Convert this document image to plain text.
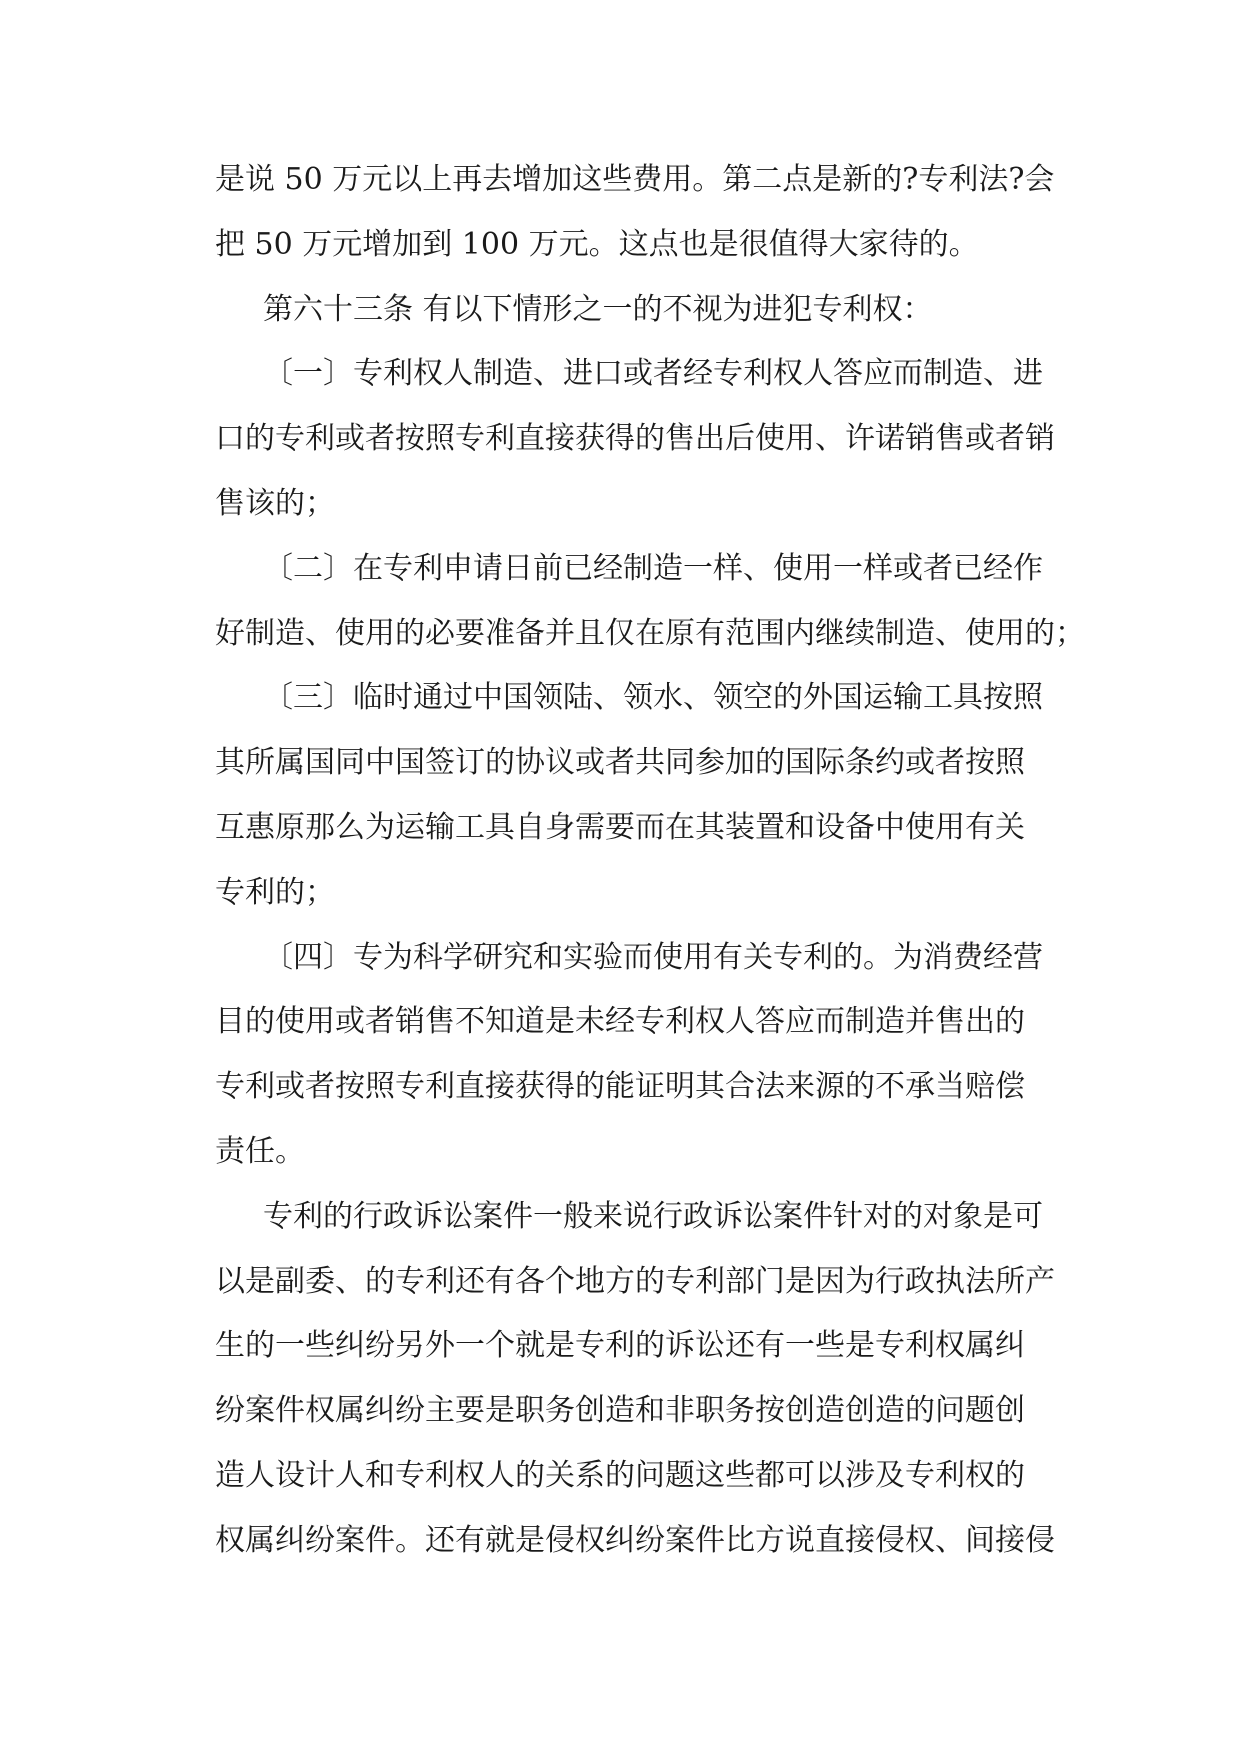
是说 50 万元以上再去增加这些费用。第二点是新的?专利法?会
把 50 万元增加到 100 万元。这点也是很值得大家待的。
第六十三条 有以下情形之一的不视为进犯专利权：
〔一〕专利权人制造、进口或者经专利权人答应而制造、进
口的专利或者按照专利直接获得的售出后使用、许诺销售或者销
售该的；
〔二〕在专利申请日前已经制造一样、使用一样或者已经作
好制造、使用的必要准备并且仅在原有范围内继续制造、使用的；
〔三〕临时通过中国领陆、领水、领空的外国运输工具按照
其所属国同中国签订的协议或者共同参加的国际条约或者按照
互惠原那么为运输工具自身需要而在其装置和设备中使用有关
专利的；
〔四〕专为科学研究和实验而使用有关专利的。为消费经营
目的使用或者销售不知道是未经专利权人答应而制造并售出的
专利或者按照专利直接获得的能证明其合法来源的不承当赔偿
责任。
专利的行政诉讼案件一般来说行政诉讼案件针对的对象是可
以是副委、的专利还有各个地方的专利部门是因为行政执法所产
生的一些纠纷另外一个就是专利的诉讼还有一些是专利权属纠
纷案件权属纠纷主要是职务创造和非职务按创造创造的问题创
造人设计人和专利权人的关系的问题这些都可以涉及专利权的
权属纠纷案件。还有就是侵权纠纷案件比方说直接侵权、间接侵
